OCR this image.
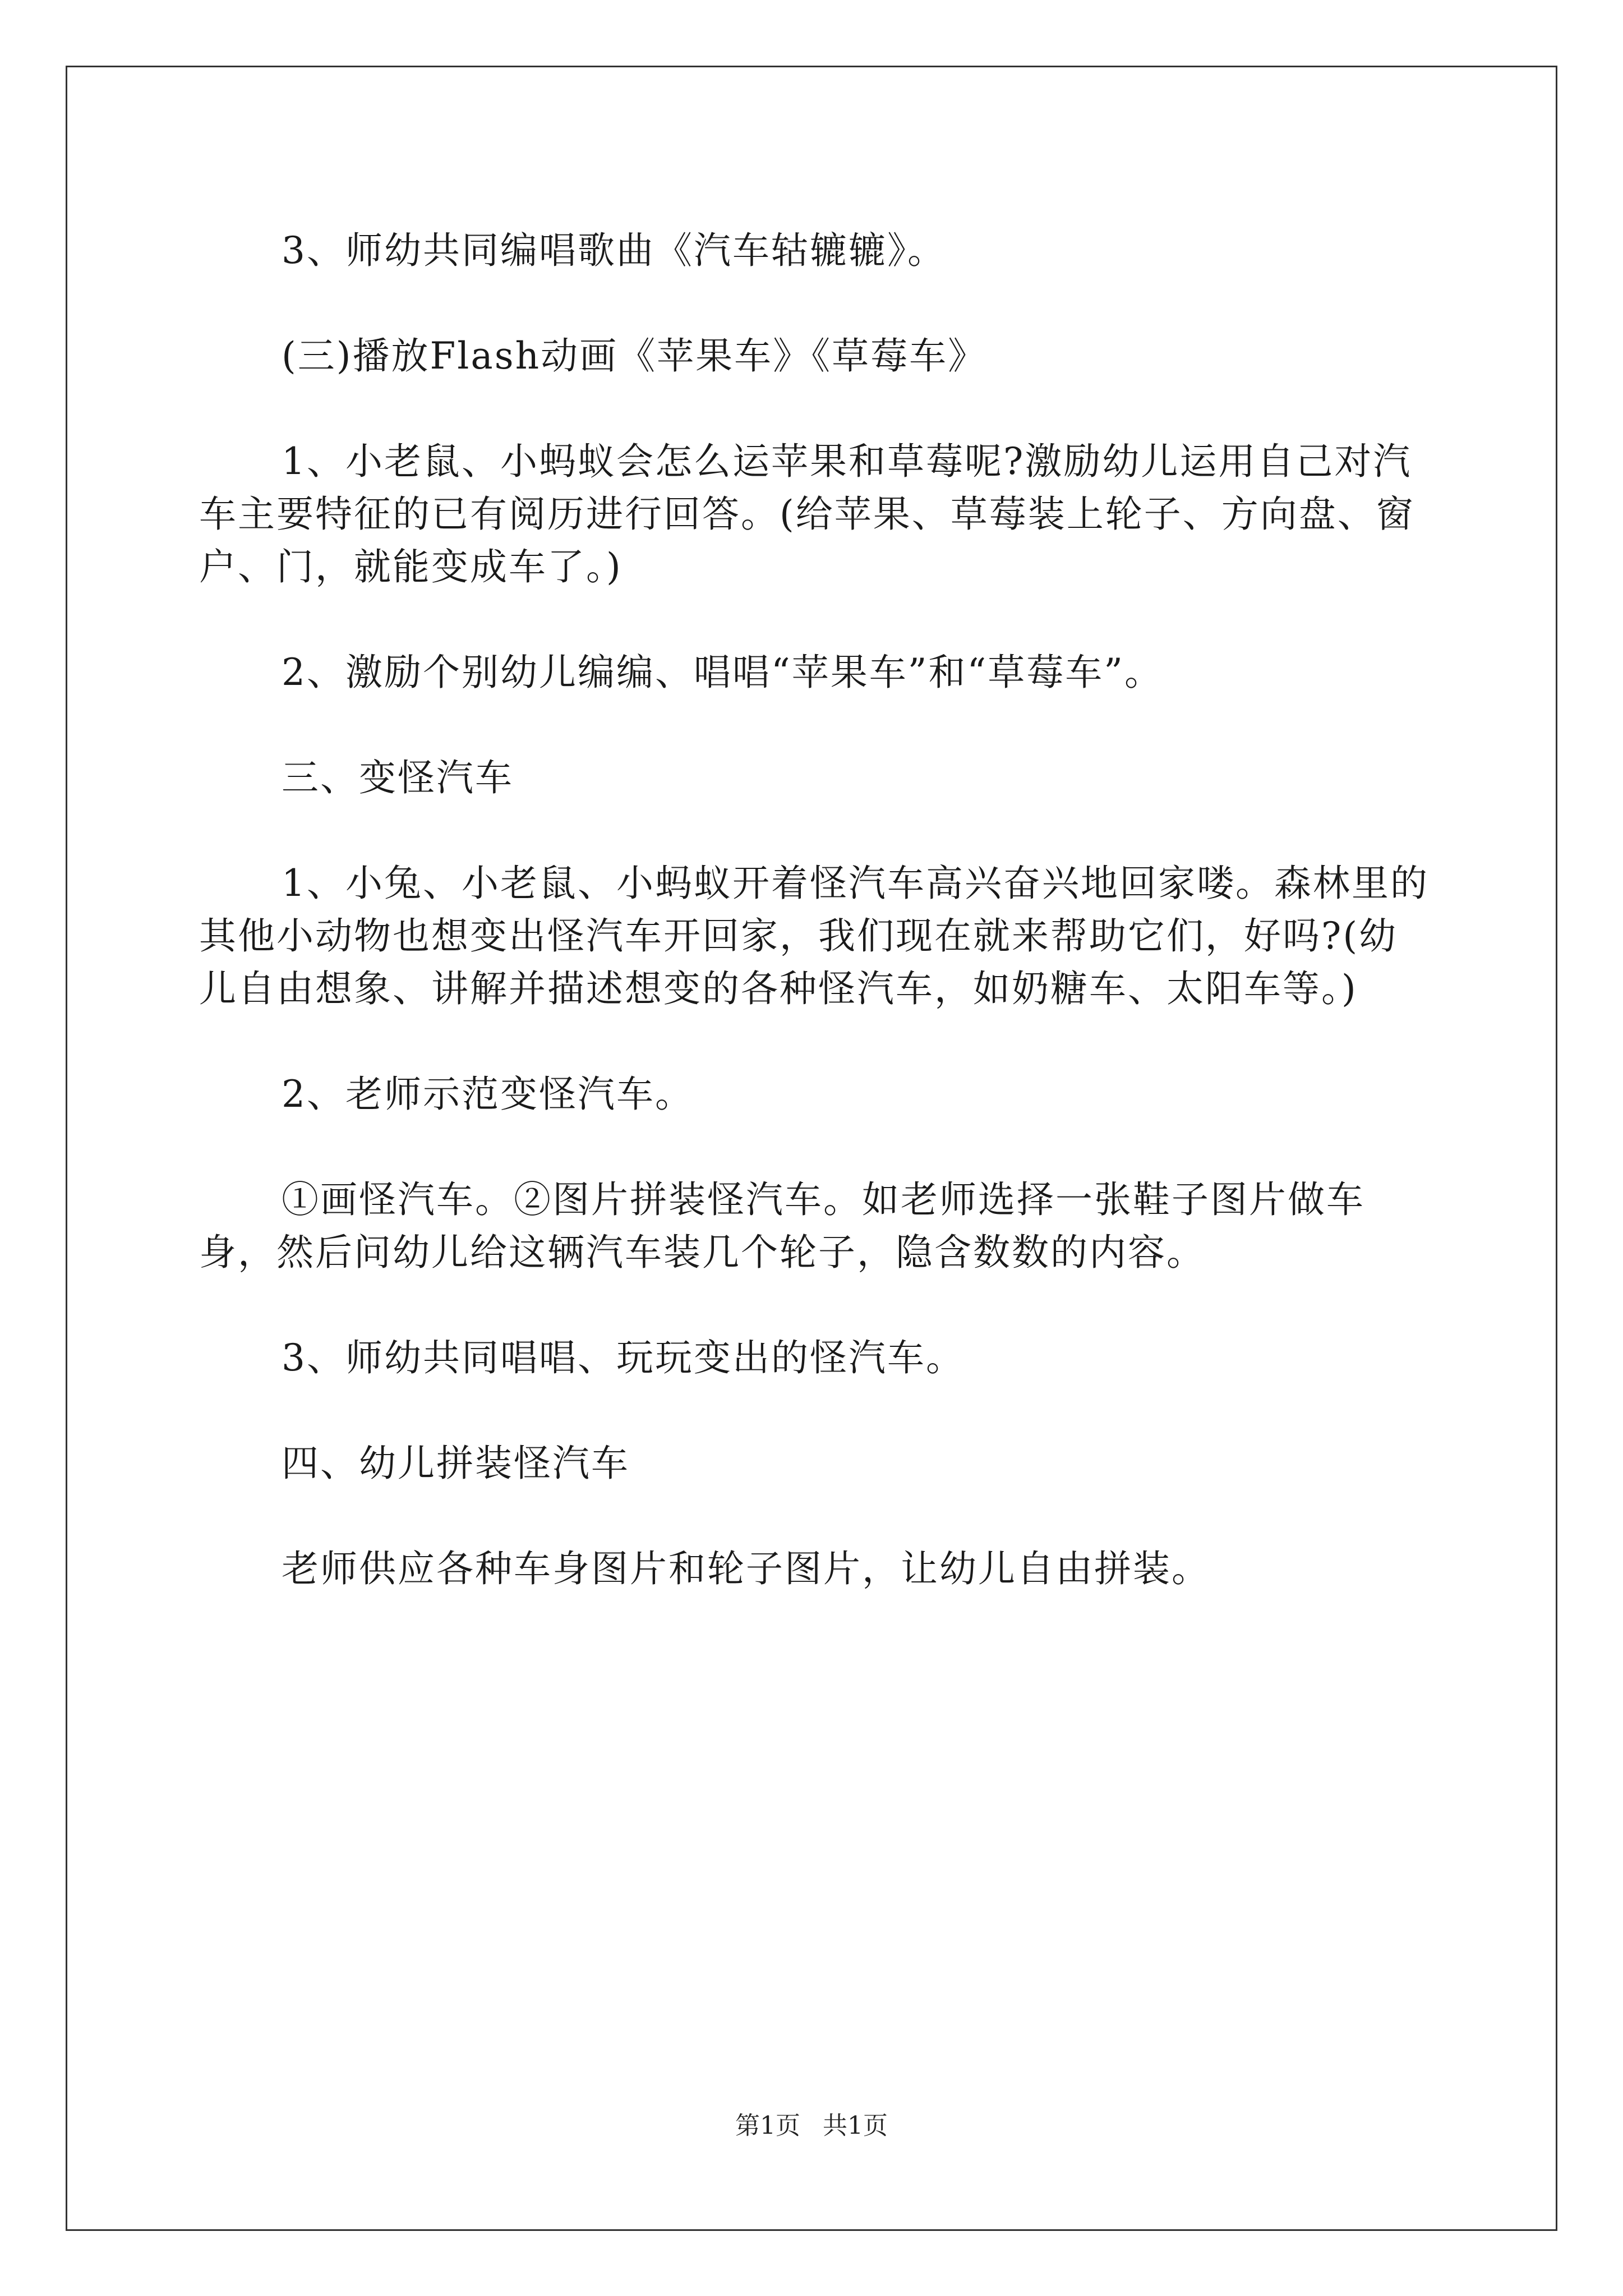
3、师幼共同编唱歌曲《汽车轱辘辘》。

(三)播放Flash动画《苹果车》《草莓车》

1、小老鼠、小蚂蚁会怎么运苹果和草莓呢?激励幼儿运用自己对汽车主要特征的已有阅历进行回答。(给苹果、草莓装上轮子、方向盘、窗户、门，就能变成车了。)

2、激励个别幼儿编编、唱唱“苹果车”和“草莓车”。

三、变怪汽车

1、小兔、小老鼠、小蚂蚁开着怪汽车高兴奋兴地回家喽。森林里的其他小动物也想变出怪汽车开回家，我们现在就来帮助它们，好吗?(幼儿自由想象、讲解并描述想变的各种怪汽车，如奶糖车、太阳车等。)

2、老师示范变怪汽车。

①画怪汽车。②图片拼装怪汽车。如老师选择一张鞋子图片做车身，然后问幼儿给这辆汽车装几个轮子，隐含数数的内容。

3、师幼共同唱唱、玩玩变出的怪汽车。

四、幼儿拼装怪汽车

老师供应各种车身图片和轮子图片，让幼儿自由拼装。

第1页 共1页
